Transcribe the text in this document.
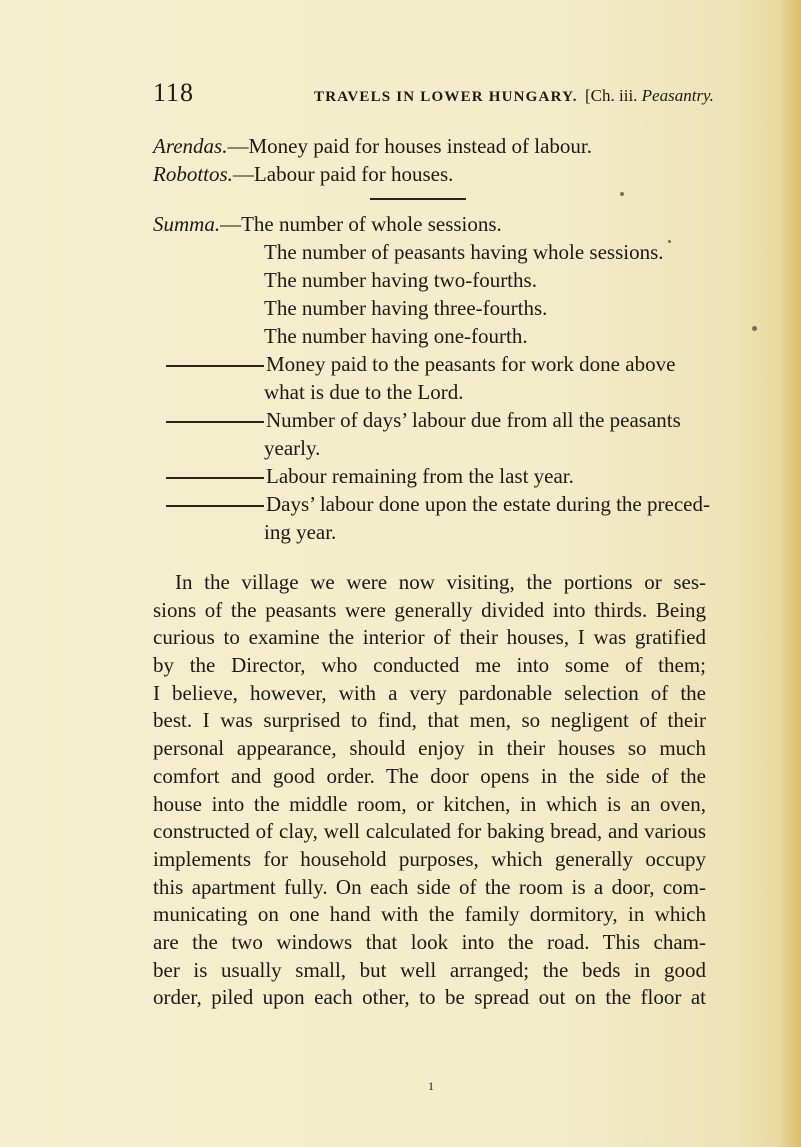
118	TRAVELS IN LOWER HUNGARY. [Ch. iii. Peasantry.
Arendas.—Money paid for houses instead of labour.
Robottos.—Labour paid for houses.
Summa.—The number of whole sessions.
The number of peasants having whole sessions.
The number having two-fourths.
The number having three-fourths.
The number having one-fourth.
Money paid to the peasants for work done above
what is due to the Lord.
Number of days’ labour due from all the peasants
yearly.
Labour remaining from the last year.
Days’ labour done upon the estate during the preced-
ing year.
In the village we were now visiting, the portions or ses-
sions of the peasants were generally divided into thirds. Being
curious to examine the interior of their houses, I was gratified
by the Director, who conducted me into some of them;
I believe, however, with a very pardonable selection of the
best. I was surprised to find, that men, so negligent of their
personal appearance, should enjoy in their houses so much
comfort and good order. The door opens in the side of the
house into the middle room, or kitchen, in which is an oven,
constructed of clay, well calculated for baking bread, and various
implements for household purposes, which generally occupy
this apartment fully. On each side of the room is a door, com-
municating on one hand with the family dormitory, in which
are the two windows that look into the road. This cham-
ber is usually small, but well arranged; the beds in good
order, piled upon each other, to be spread out on the floor at
1
